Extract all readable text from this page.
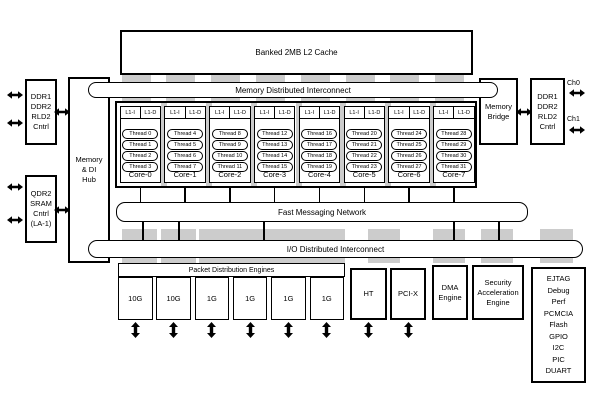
Banked 2MB L2 Cache
Memory
& DI
Hub
DDR1
DDR2
RLD2
Cntrl
QDR2
SRAM
Cntrl
(LA-1)
Memory Distributed Interconnect
L1-I	L1-D
Thread 0
Thread 1
Thread 2
Thread 3
Core-0
L1-I	L1-D
Thread 4
Thread 5
Thread 6
Thread 7
Core-1
L1-I	L1-D
Thread 8
Thread 9
Thread 10
Thread 11
Core-2
L1-I	L1-D
Thread 12
Thread 13
Thread 14
Thread 15
Core-3
L1-I	L1-D
Thread 16
Thread 17
Thread 18
Thread 19
Core-4
L1-I	L1-D
Thread 20
Thread 21
Thread 22
Thread 23
Core-5
L1-I	L1-D
Thread 24
Thread 25
Thread 26
Thread 27
Core-6
L1-I	L1-D
Thread 28
Thread 29
Thread 30
Thread 31
Core-7
Fast Messaging Network
I/O Distributed Interconnect
Memory
Bridge
DDR1
DDR2
RLD2
Cntrl
Ch0
Ch1
Packet Distribution Engines
10G	10G	1G	1G	1G	1G
HT	PCI-X
DMA
Engine
Security
Acceleration
Engine
EJTAG
Debug
Perf
PCMCIA
Flash
GPIO
I2C
PIC
DUART
